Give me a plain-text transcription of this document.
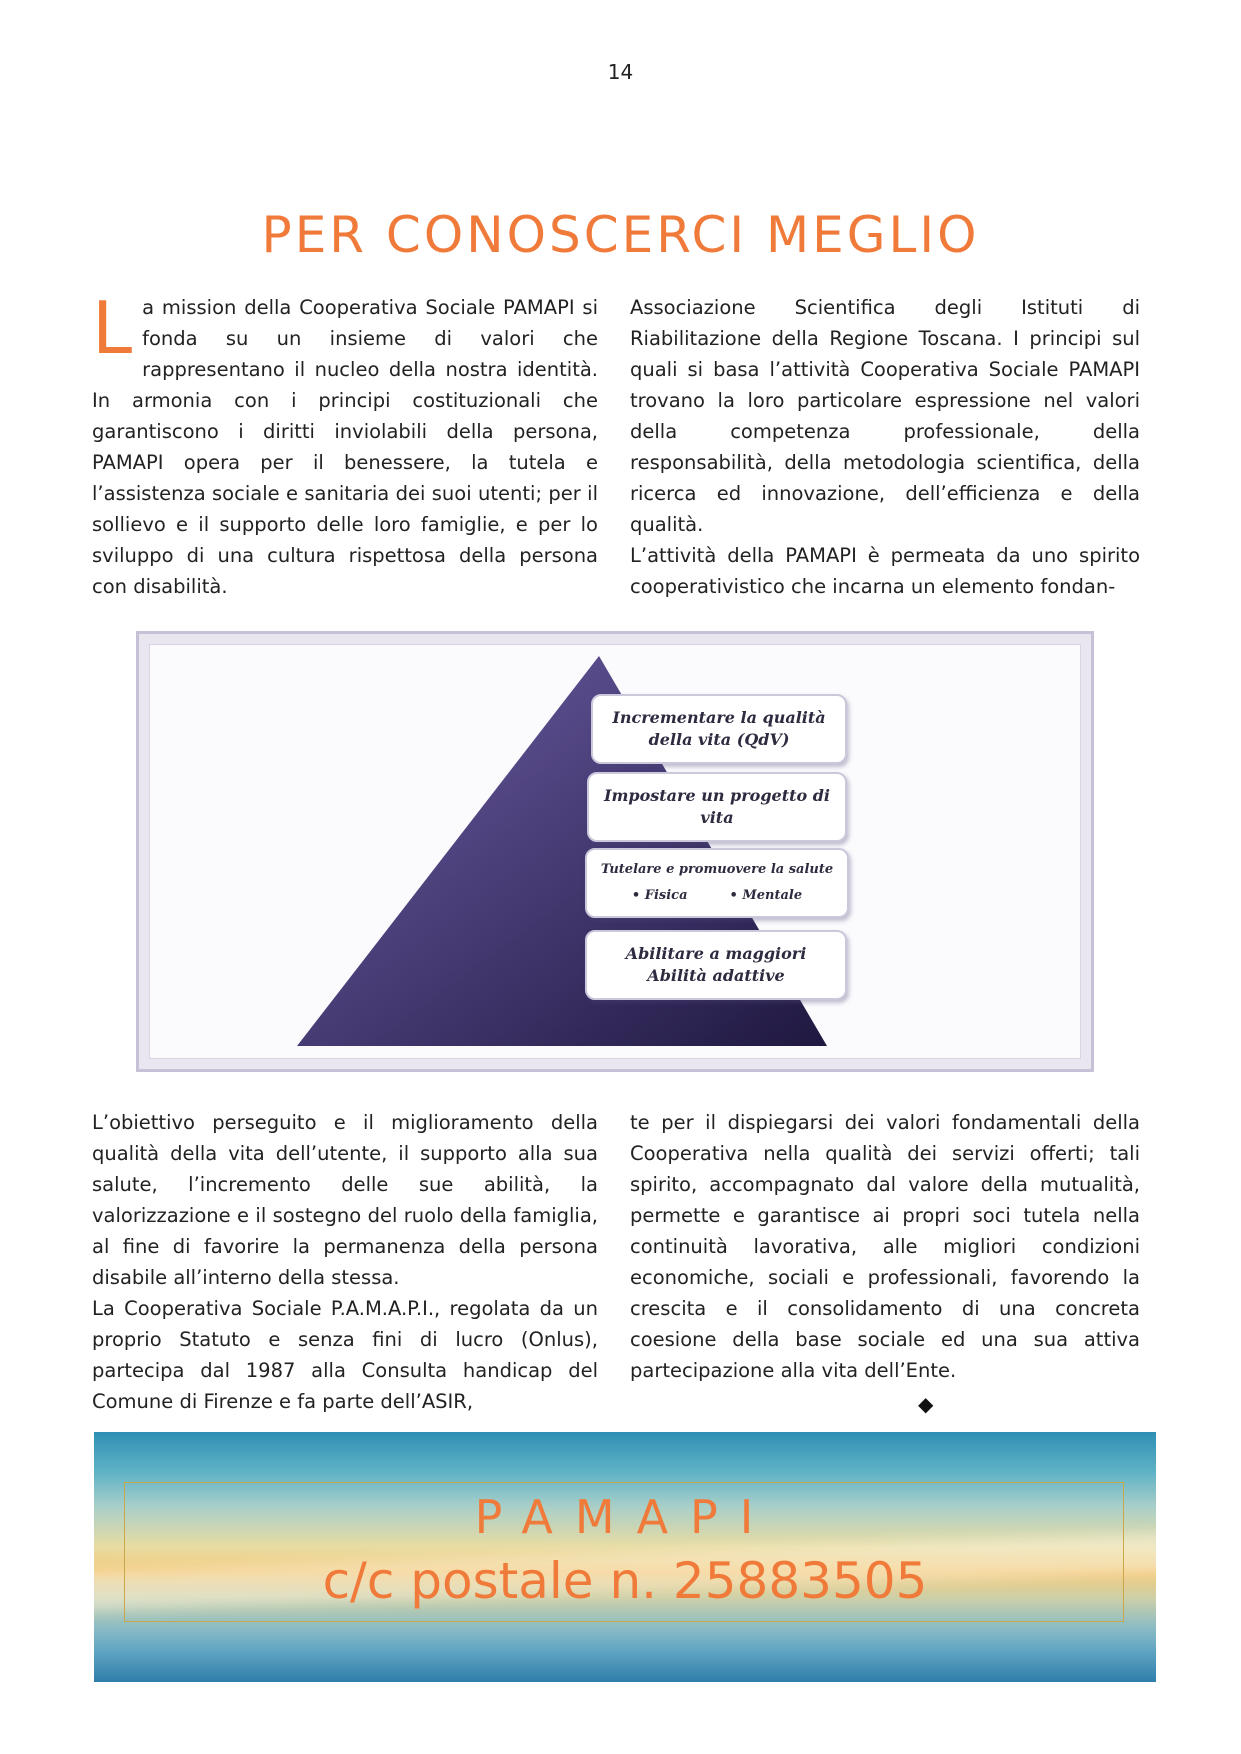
14
PER CONOSCERCI MEGLIO

La mission della Cooperativa Sociale PAMAPI si fonda su un insieme di valori che rappresentano il nucleo della nostra identità. In armonia con i principi costituzionali che garantiscono i diritti inviolabili della persona, PAMAPI opera per il benessere, la tutela e l’assistenza sociale e sanitaria dei suoi utenti; per il sollievo e il supporto delle loro famiglie, e per lo sviluppo di una cultura rispettosa della persona con disabilità.

Associazione Scientifica degli Istituti di Riabilitazione della Regione Toscana. I principi sul quali si basa l’attività Cooperativa Sociale PAMAPI trovano la loro particolare espressione nel valori della competenza professionale, della responsabilità, della metodologia scientifica, della ricerca ed innovazione, dell’efficienza e della qualità.

L’attività della PAMAPI è permeata da uno spirito cooperativistico che incarna un elemento fondan-

Incrementare la qualità
della vita (QdV)
Impostare un progetto di
vita
Tutelare e promuovere la salute
• Fisica
•	Mentale
Abilitare a maggiori
Abilità adattive

L’obiettivo perseguito e il miglioramento della qualità della vita dell’utente, il supporto alla sua salute, l’incremento delle sue abilità, la valorizzazione e il sostegno del ruolo della famiglia, al fine di favorire la permanenza della persona disabile all’interno della stessa.

La Cooperativa Sociale P.A.M.A.P.I., regolata da un proprio Statuto e senza fini di lucro (Onlus), partecipa dal 1987 alla Consulta handicap del Comune di Firenze e fa parte dell’ASIR,

te per il dispiegarsi dei valori fondamentali della Cooperativa nella qualità dei servizi offerti; tali spirito, accompagnato dal valore della mutualità, permette e garantisce ai propri soci tutela nella continuità lavorativa, alle migliori condizioni economiche, sociali e professionali, favorendo la crescita e il consolidamento di una concreta coesione della base sociale ed una sua attiva partecipazione alla vita dell’Ente.

◆
PAMAPI
c/c postale n. 25883505
